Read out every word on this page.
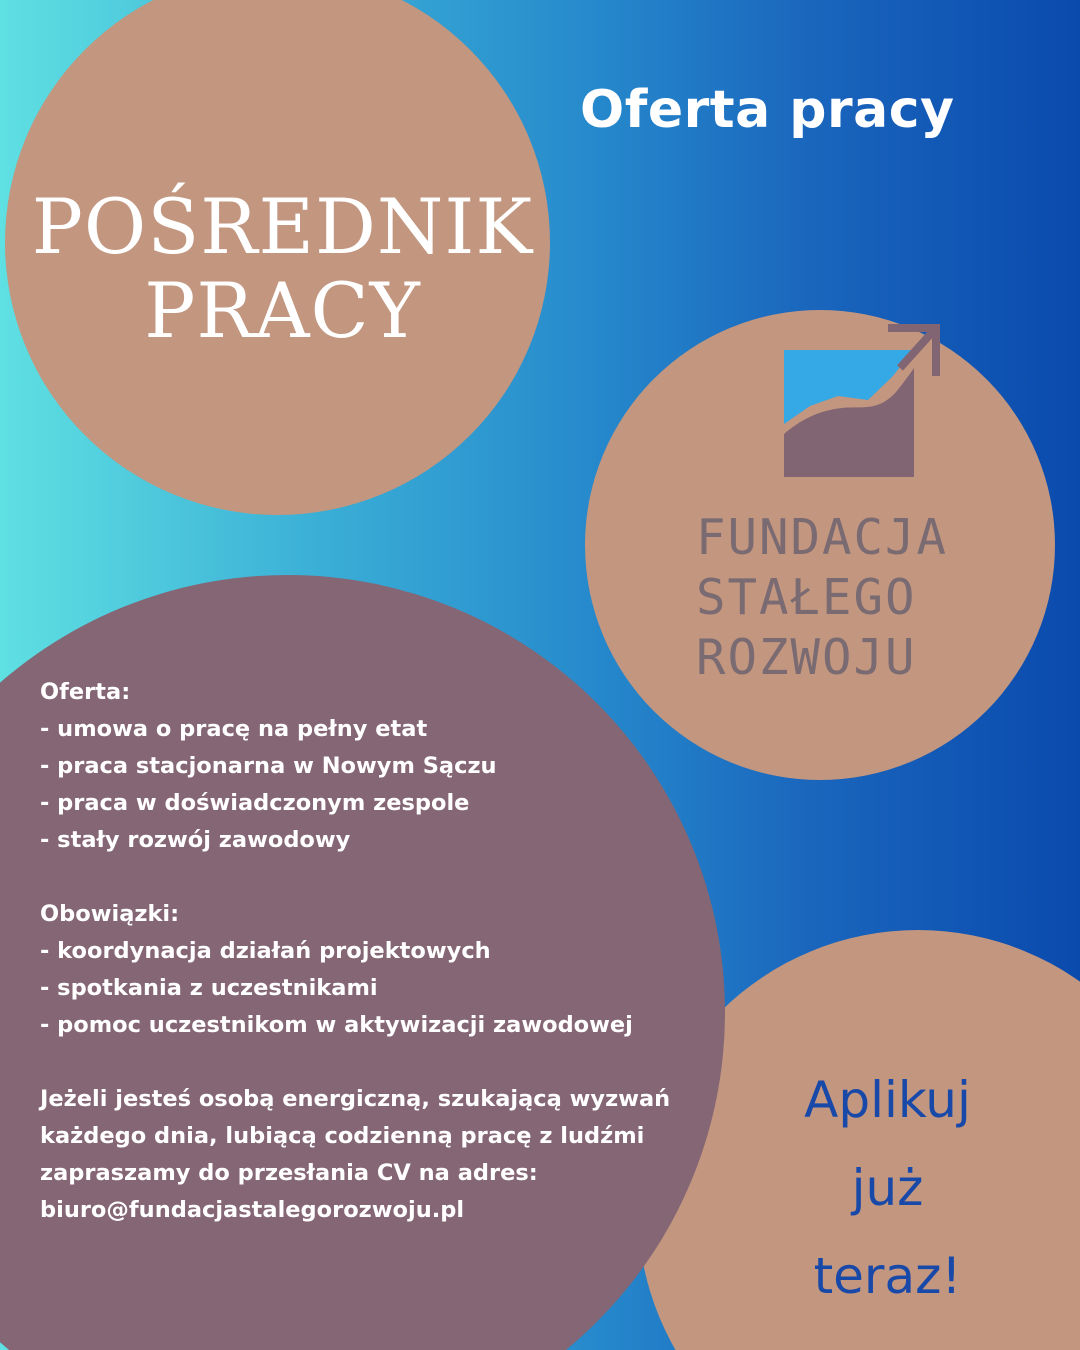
Oferta pracy
POŚREDNIK
PRACY
FUNDACJA
STAŁEGO
ROZWOJU
Oferta:
- umowa o pracę na pełny etat
- praca stacjonarna w Nowym Sączu
- praca w doświadczonym zespole
- stały rozwój zawodowy
Obowiązki:
- koordynacja działań projektowych
- spotkania z uczestnikami
- pomoc uczestnikom w aktywizacji zawodowej
Jeżeli jesteś osobą energiczną, szukającą wyzwań
każdego dnia, lubiącą codzienną pracę z ludźmi
zapraszamy do przesłania CV na adres:
biuro@fundacjastalegorozwoju.pl
Aplikuj
już
teraz!
